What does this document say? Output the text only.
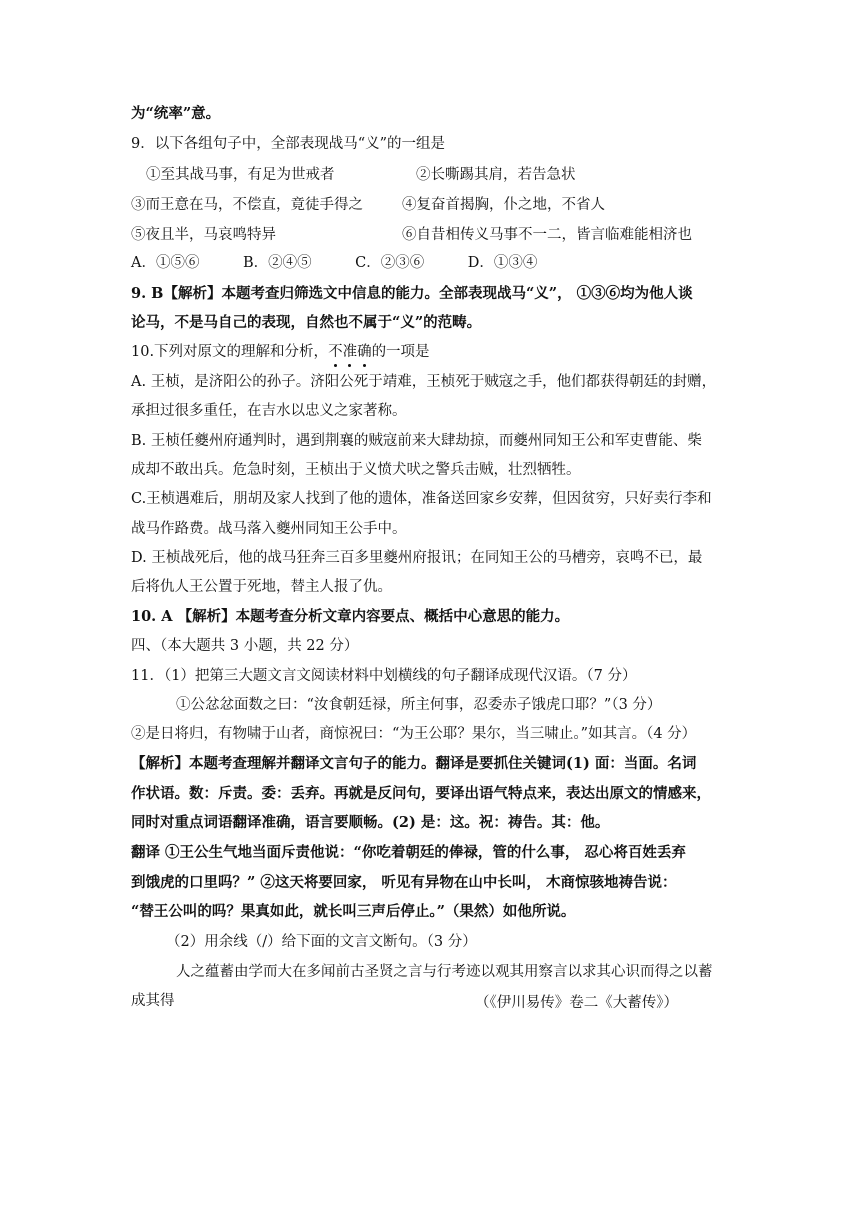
为“统率”意。
9．以下各组句子中，全部表现战马“义”的一组是
①至其战马事，有足为世戒者	②长嘶踢其肩，若告急状
③而王意在马，不偿直，竟徒手得之	④复奋首揭胸，仆之地，不省人
⑤夜且半，马哀鸣特异	⑥自昔相传义马事不一二，皆言临难能相济也
A．①⑤⑥　　　B．②④⑤　　　C．②③⑥　　　D．①③④
9. B【解析】本题考查归筛选文中信息的能力。全部表现战马“义”， ①③⑥均为他人谈
论马，不是马自己的表现，自然也不属于“义”的范畴。
10.下列对原文的理解和分析，不准确的一项是
A. 王桢，是济阳公的孙子。济阳公死于靖难，王桢死于贼寇之手，他们都获得朝廷的封赠，
承担过很多重任，在吉水以忠义之家著称。
B. 王桢任夔州府通判时，遇到荆襄的贼寇前来大肆劫掠，而夔州同知王公和军吏曹能、柴
成却不敢出兵。危急时刻，王桢出于义愤犬吠之警兵击贼，壮烈牺牲。
C.王桢遇难后，朋胡及家人找到了他的遗体，准备送回家乡安葬，但因贫穷，只好卖行李和
战马作路费。战马落入夔州同知王公手中。
D. 王桢战死后，他的战马狂奔三百多里夔州府报讯；在同知王公的马槽旁，哀鸣不已，最
后将仇人王公置于死地，替主人报了仇。
10. A 【解析】本题考查分析文章内容要点、概括中心意思的能力。
四、（本大题共 3 小题，共 22 分）
11．（1）把第三大题文言文阅读材料中划横线的句子翻译成现代汉语。（7 分）
①公忿忿面数之曰：“汝食朝廷禄，所主何事，忍委赤子饿虎口耶？”（3 分）
②是日将归，有物啸于山者，商惊祝曰：“为王公耶？果尔，当三啸止。”如其言。（4 分）
【解析】本题考查理解并翻译文言句子的能力。翻译是要抓住关键词(1) 面：当面。名词
作状语。数：斥责。委：丢弃。再就是反问句，要译出语气特点来，表达出原文的情感来，
同时对重点词语翻译准确，语言要顺畅。(2) 是：这。祝：祷告。其：他。
翻译 ①王公生气地当面斥责他说：“你吃着朝廷的俸禄，管的什么事， 忍心将百姓丢弃
到饿虎的口里吗？” ②这天将要回家， 听见有异物在山中长叫， 木商惊骇地祷告说：
“替王公叫的吗？果真如此，就长叫三声后停止。”（果然）如他所说。
（2）用余线（/）给下面的文言文断句。（3 分）
人之蕴蓄由学而大在多闻前古圣贤之言与行考迹以观其用察言以求其心识而得之以蓄
成其得	（《伊川易传》卷二《大蓄传》）
